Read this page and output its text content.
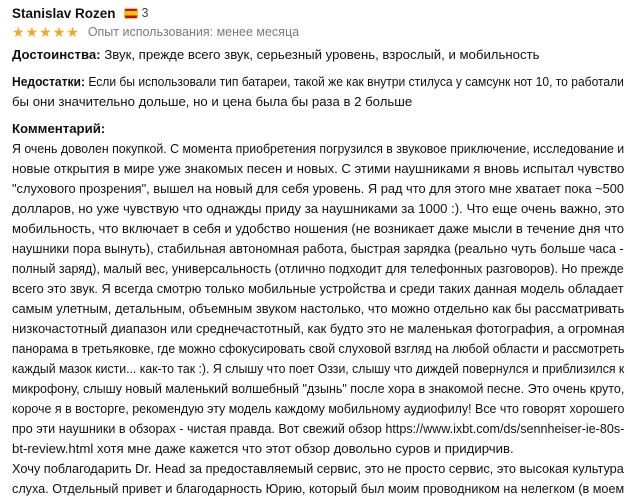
Stanislav Rozen 3
★ ★ ★ ★ ★ Опыт использования: менее месяца
Достоинства: Звук, прежде всего звук, серьезный уровень, взрослый, и мобильность
Недостатки: Если бы использовали тип батареи, такой же как внутри стилуса у самсунк нот 10, то работали
бы они значительно дольше, но и цена была бы раза в 2 больше
Комментарий:
Я очень доволен покупкой. С момента приобретения погрузился в звуковое приключение, исследование и
новые открытия в мире уже знакомых песен и новых. С этими наушниками я вновь испытал чувство
"слухового прозрения", вышел на новый для себя уровень. Я рад что для этого мне хватает пока ~500
долларов, но уже чувствую что однажды приду за наушниками за 1000 :). Что еще очень важно, это
мобильность, что включает в себя и удобство ношения (не возникает даже мысли в течение дня что
наушники пора вынуть), стабильная автономная работа, быстрая зарядка (реально чуть больше часа -
полный заряд), малый вес, универсальность (отлично подходит для телефонных разговоров). Но прежде
всего это звук. Я всегда смотрю только мобильные устройства и среди таких данная модель обладает
самым улетным, детальным, объемным звуком настолько, что можно отдельно как бы рассматривать
низкочастотный диапазон или среднечастотный, как будто это не маленькая фотография, а огромная
панорама в третьяковке, где можно сфокусировать свой слуховой взгляд на любой области и рассмотреть
каждый мазок кисти... как-то так :). Я слышу что поет Оззи, слышу что диждей повернулся и приблизился к
микрофону, слышу новый маленький волшебный "дзынь" после хора в знакомой песне. Это очень круто,
короче я в восторге, рекомендую эту модель каждому мобильному аудиофилу! Все что говорят хорошего
про эти наушники в обзорах - чистая правда. Вот свежий обзор https://www.ixbt.com/ds/sennheiser-ie-80s-
bt-review.html хотя мне даже кажется что этот обзор довольно суров и придирчив.
Хочу поблагодарить Dr. Head за предоставляемый сервис, это не просто сервис, это высокая культура
слуха. Отдельный привет и благодарность Юрию, который был моим проводником на нелегком (в моем
